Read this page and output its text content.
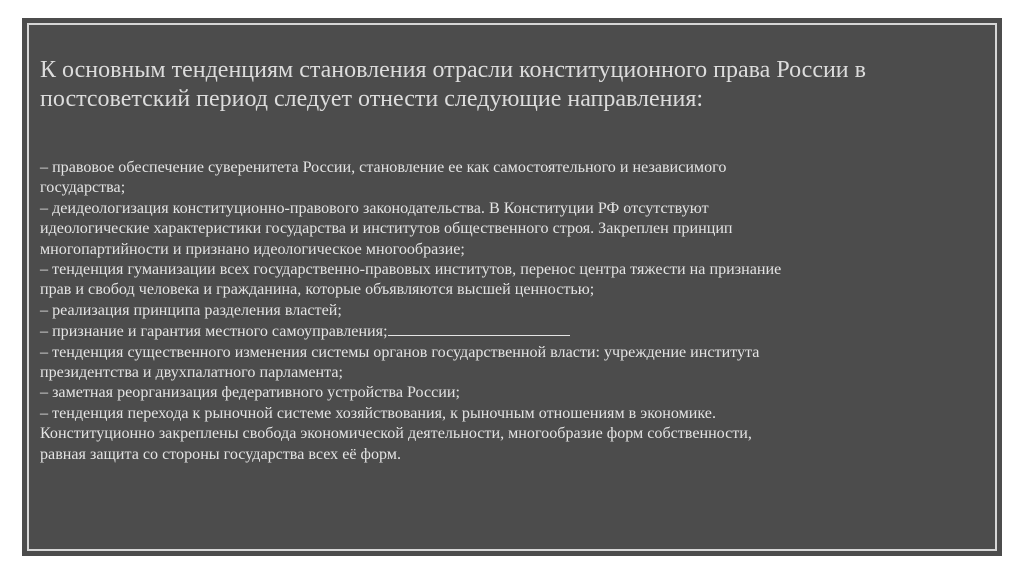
К основным тенденциям становления отрасли конституционного права России в
постсоветский период следует отнести следующие направления:
– правовое обеспечение суверенитета России, становление ее как самостоятельного и независимого
государства;
– деидеологизация конституционно-правового законодательства. В Конституции РФ отсутствуют
идеологические характеристики государства и институтов общественного строя. Закреплен принцип
многопартийности и признано идеологическое многообразие;
– тенденция гуманизации всех государственно-правовых институтов, перенос центра тяжести на признание
прав и свобод человека и гражданина, которые объявляются высшей ценностью;
– реализация принципа разделения властей;
– признание и гарантия местного самоуправления;
– тенденция существенного изменения системы органов государственной власти: учреждение института
президентства и двухпалатного парламента;
– заметная реорганизация федеративного устройства России;
– тенденция перехода к рыночной системе хозяйствования, к рыночным отношениям в экономике.
Конституционно закреплены свобода экономической деятельности, многообразие форм собственности,
равная защита со стороны государства всех её форм.
